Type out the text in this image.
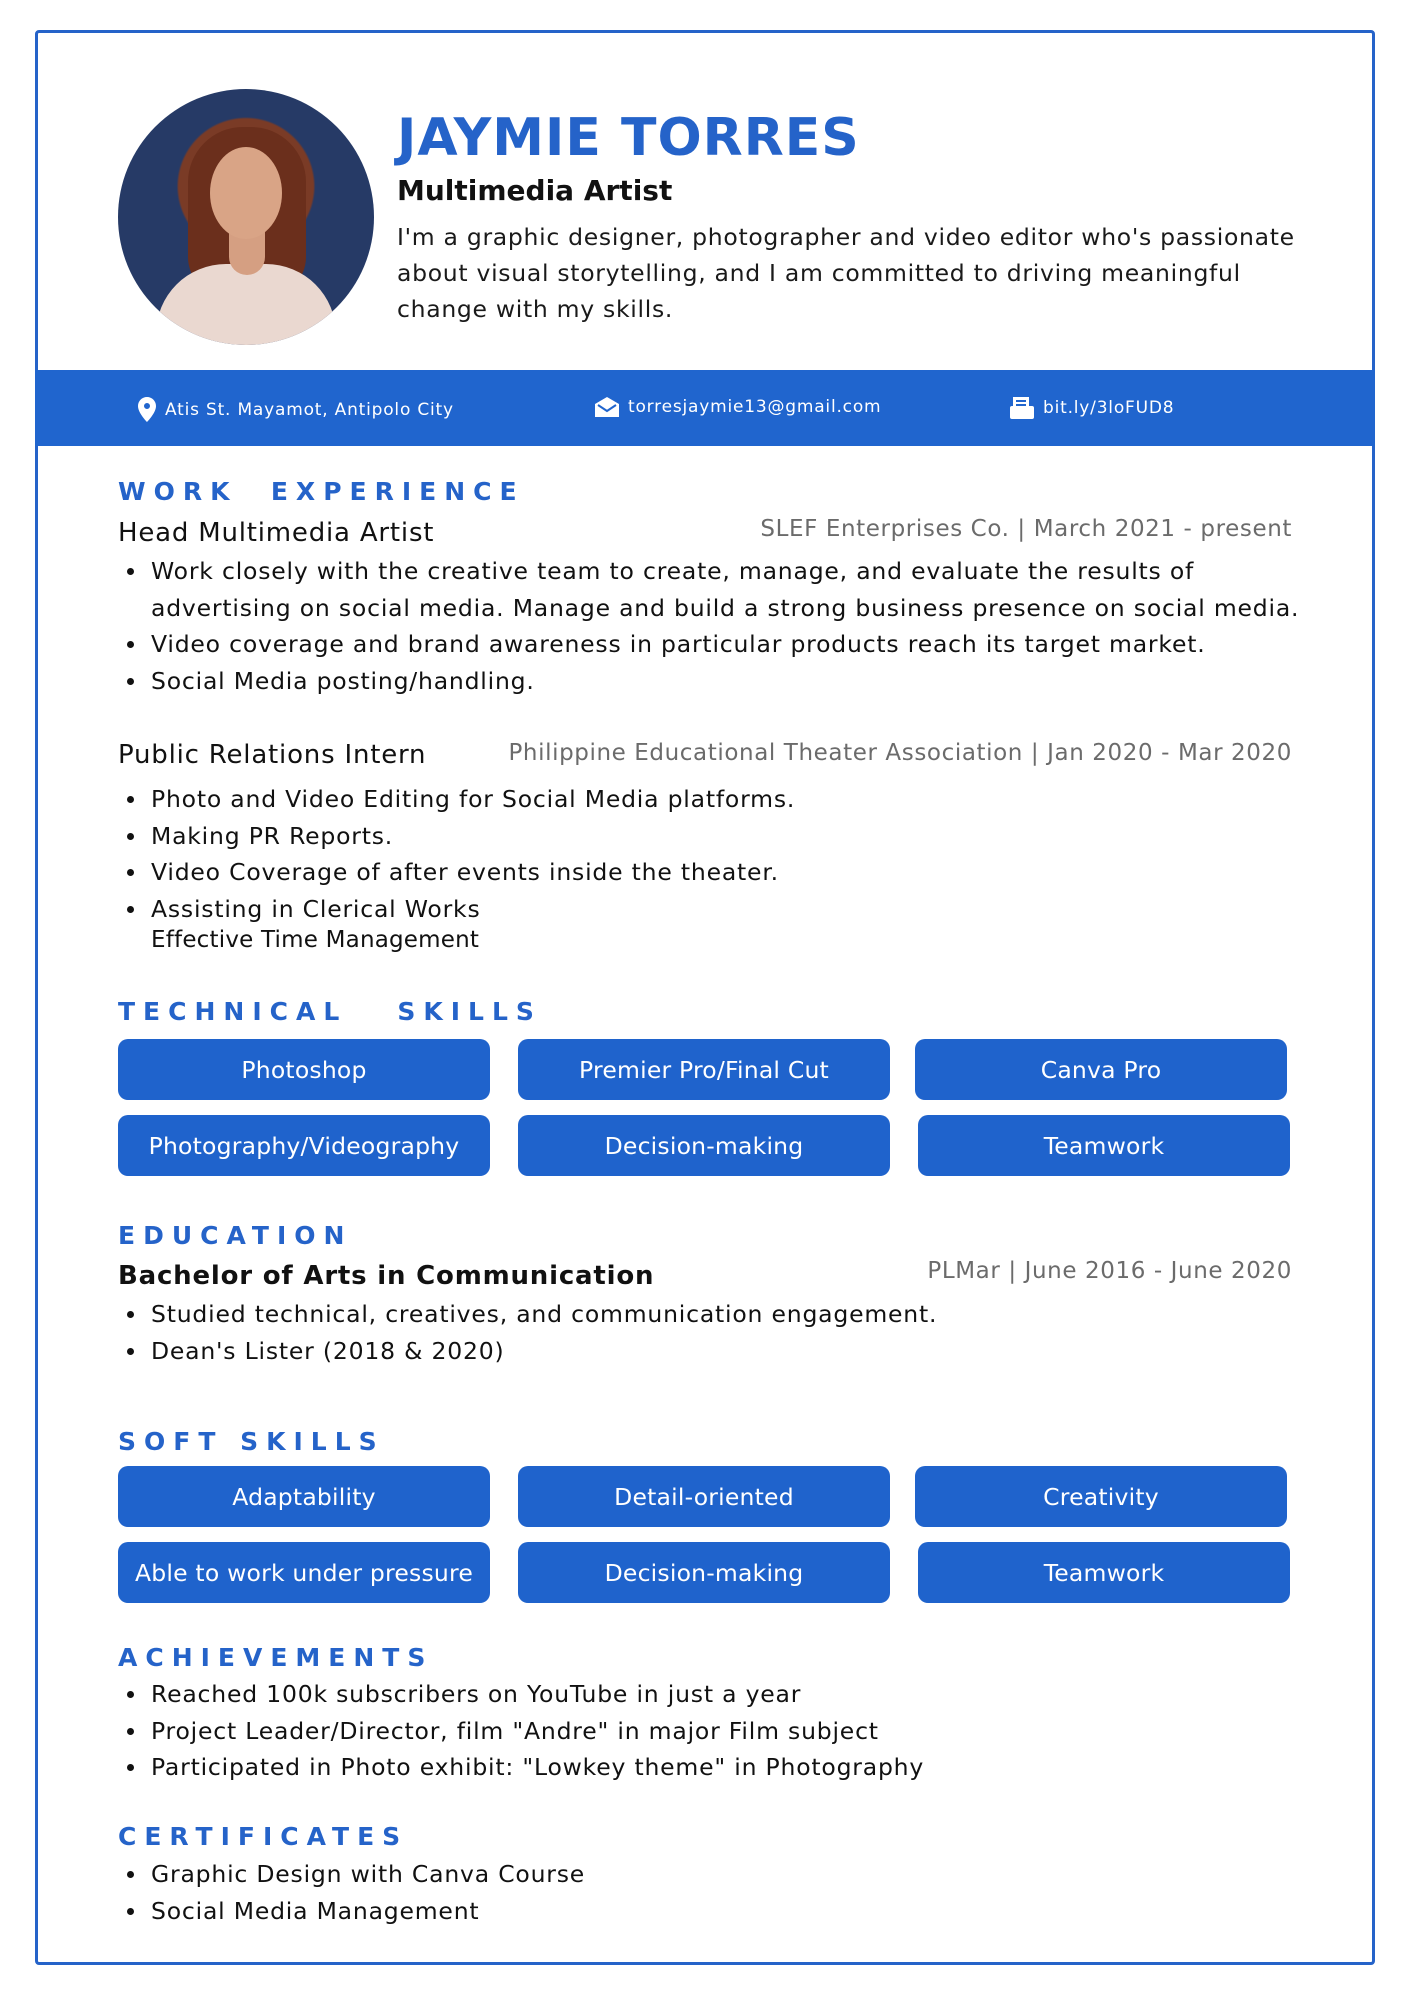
JAYMIE TORRES
Multimedia Artist
I'm a graphic designer, photographer and video editor who's passionate about visual storytelling, and I am committed to driving meaningful change with my skills.
Atis St. Mayamot, Antipolo City	torresjaymie13@gmail.com	bit.ly/3loFUD8
WORK  EXPERIENCE
Head Multimedia Artist	SLEF Enterprises Co. | March 2021 - present
Work closely with the creative team to create, manage, and evaluate the results of advertising on social media. Manage and build a strong business presence on social media.
Video coverage and brand awareness in particular products reach its target market.
Social Media posting/handling.
Public Relations Intern	Philippine Educational Theater Association | Jan 2020 - Mar 2020
Photo and Video Editing for Social Media platforms.
Making PR Reports.
Video Coverage of after events inside the theater.
Assisting in Clerical Works
Effective Time Management
TECHNICAL   SKILLS
Photoshop	Premier Pro/Final Cut	Canva Pro
Photography/Videography	Decision-making	Teamwork
EDUCATION
Bachelor of Arts in Communication	PLMar | June 2016 - June 2020
Studied technical, creatives, and communication engagement.
Dean's Lister (2018 & 2020)
SOFT SKILLS
Adaptability	Detail-oriented	Creativity
Able to work under pressure	Decision-making	Teamwork
ACHIEVEMENTS
Reached 100k subscribers on YouTube in just a year
Project Leader/Director, film "Andre" in major Film subject
Participated in Photo exhibit: "Lowkey theme" in Photography
CERTIFICATES
Graphic Design with Canva Course
Social Media Management
